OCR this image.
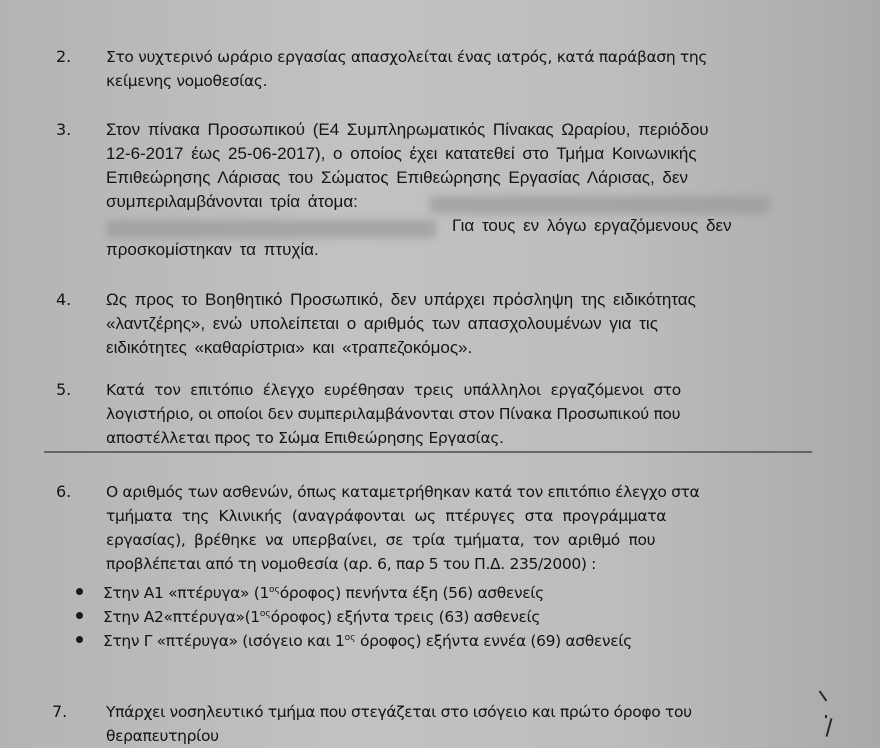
2. Στο νυχτερινό ωράριο εργασίας απασχολείται ένας ιατρός, κατά παράβαση της
κείμενης νομοθεσίας.
3. Στον πίνακα Προσωπικού (Ε4 Συμπληρωματικός Πίνακας Ωραρίου, περιόδου
12-6-2017 έως 25-06-2017), ο οποίος έχει κατατεθεί στο Τμήμα Κοινωνικής
Επιθεώρησης Λάρισας του Σώματος Επιθεώρησης Εργασίας Λάρισας, δεν
συμπεριλαμβάνονται τρία άτομα:
Για τους εν λόγω εργαζόμενους δεν
προσκομίστηκαν τα πτυχία.
4. Ως προς το Βοηθητικό Προσωπικό, δεν υπάρχει πρόσληψη της ειδικότητας
«λαντζέρης», ενώ υπολείπεται ο αριθμός των απασχολουμένων για τις
ειδικότητες «καθαρίστρια» και «τραπεζοκόμος».
5. Κατά τον επιτόπιο έλεγχο ευρέθησαν τρεις υπάλληλοι εργαζόμενοι στο
λογιστήριο, οι οποίοι δεν συμπεριλαμβάνονται στον Πίνακα Προσωπικού που
αποστέλλεται προς το Σώμα Επιθεώρησης Εργασίας.
6. Ο αριθμός των ασθενών, όπως καταμετρήθηκαν κατά τον επιτόπιο έλεγχο στα
τμήματα της Κλινικής (αναγράφονται ως πτέρυγες στα προγράμματα
εργασίας), βρέθηκε να υπερβαίνει, σε τρία τμήματα, τον αριθμό που
προβλέπεται από τη νομοθεσία (αρ. 6, παρ 5 του Π.Δ. 235/2000) :
Στην Α1 «πτέρυγα» $(1^{o\varsigma}ό\rho o\varphi o\varsigma)$ πενήντα έξη (56) ασθενείς
Στην $A2«\pi\tau έ\rho\upsilon\gamma\alpha»(1^{o\varsigma}ό\rho o\varphi o\varsigma)$ εξήντα τρεις (63) ασθενείς
Στην Γ «πτέρυγα» (ισόγειο και $1^{o\varsigma}$ όροφος) εξήντα εννέα (69) ασθενείς
7. Υπάρχει νοσηλευτικό τμήμα που στεγάζεται στο ισόγειο και πρώτο όροφο του
θεραπευτηρίου
